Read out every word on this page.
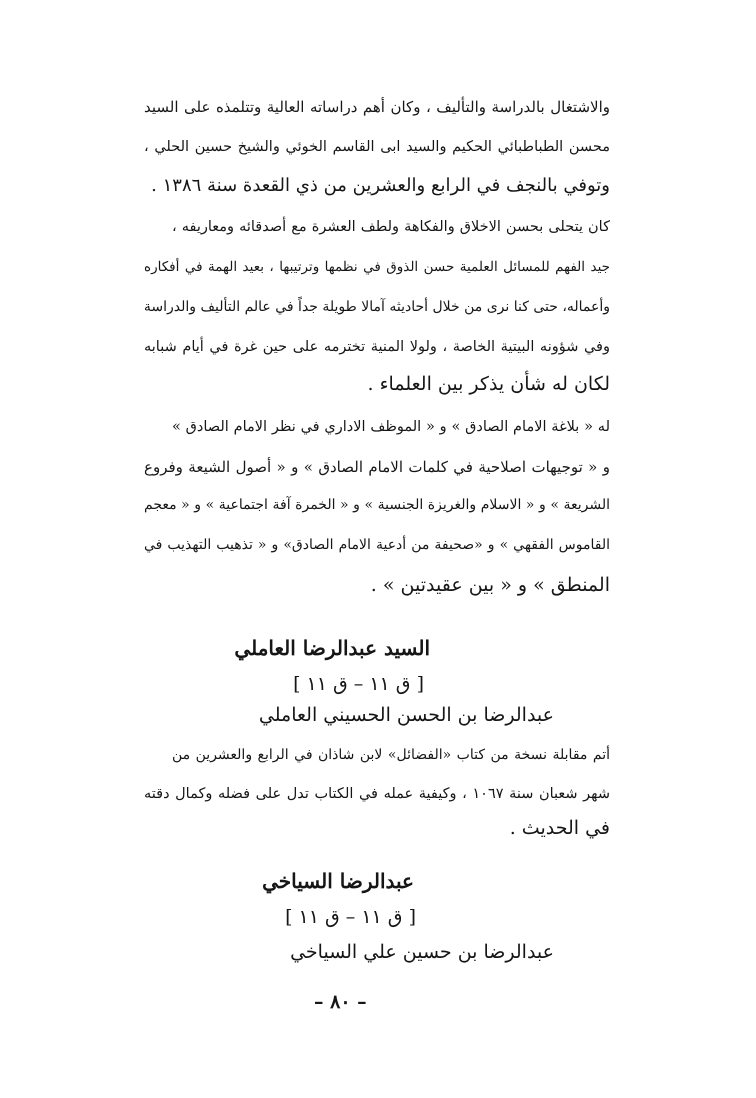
والاشتغال بالدراسة والتأليف ، وكان أهم دراساته العالية وتتلمذه على السيد
محسن الطباطبائي الحكيم والسيد ابى القاسم الخوئي والشيخ حسين الحلي ،
وتوفي بالنجف في الرابع والعشرين من ذي القعدة سنة ١٣٨٦ .
كان يتحلى بحسن الاخلاق والفكاهة ولطف العشرة مع أصدقائه ومعاريفه ،
جيد الفهم للمسائل العلمية حسن الذوق في نظمها وترتيبها ، بعيد الهمة في أفكاره
وأعماله، حتى كنا نرى من خلال أحاديثه آمالا طويلة جداً في عالم التأليف والدراسة
وفي شؤونه البيتية الخاصة ، ولولا المنية تخترمه على حين غرة في أيام شبابه
لكان له شأن يذكر بين العلماء .
له « بلاغة الامام الصادق » و « الموظف الاداري في نظر الامام الصادق »
و « توجيهات اصلاحية في كلمات الامام الصادق » و « أصول الشيعة وفروع
الشريعة » و « الاسلام والغريزة الجنسية » و « الخمرة آفة اجتماعية » و « معجم
القاموس الفقهي » و «صحيفة من أدعية الامام الصادق» و « تذهيب التهذيب في
المنطق » و « بين عقيدتين » .
السيد عبدالرضا العاملي
[ ق ١١ – ق ١١ ]
عبدالرضا بن الحسن الحسيني العاملي
أتم مقابلة نسخة من كتاب «الفضائل» لابن شاذان في الرابع والعشرين من
شهر شعبان سنة ١٠٦٧ ، وكيفية عمله في الكتاب تدل على فضله وكمال دقته
في الحديث .
عبدالرضا السياخي
[ ق ١١ – ق ١١ ]
عبدالرضا بن حسين علي السياخي
– ٨٠ –
